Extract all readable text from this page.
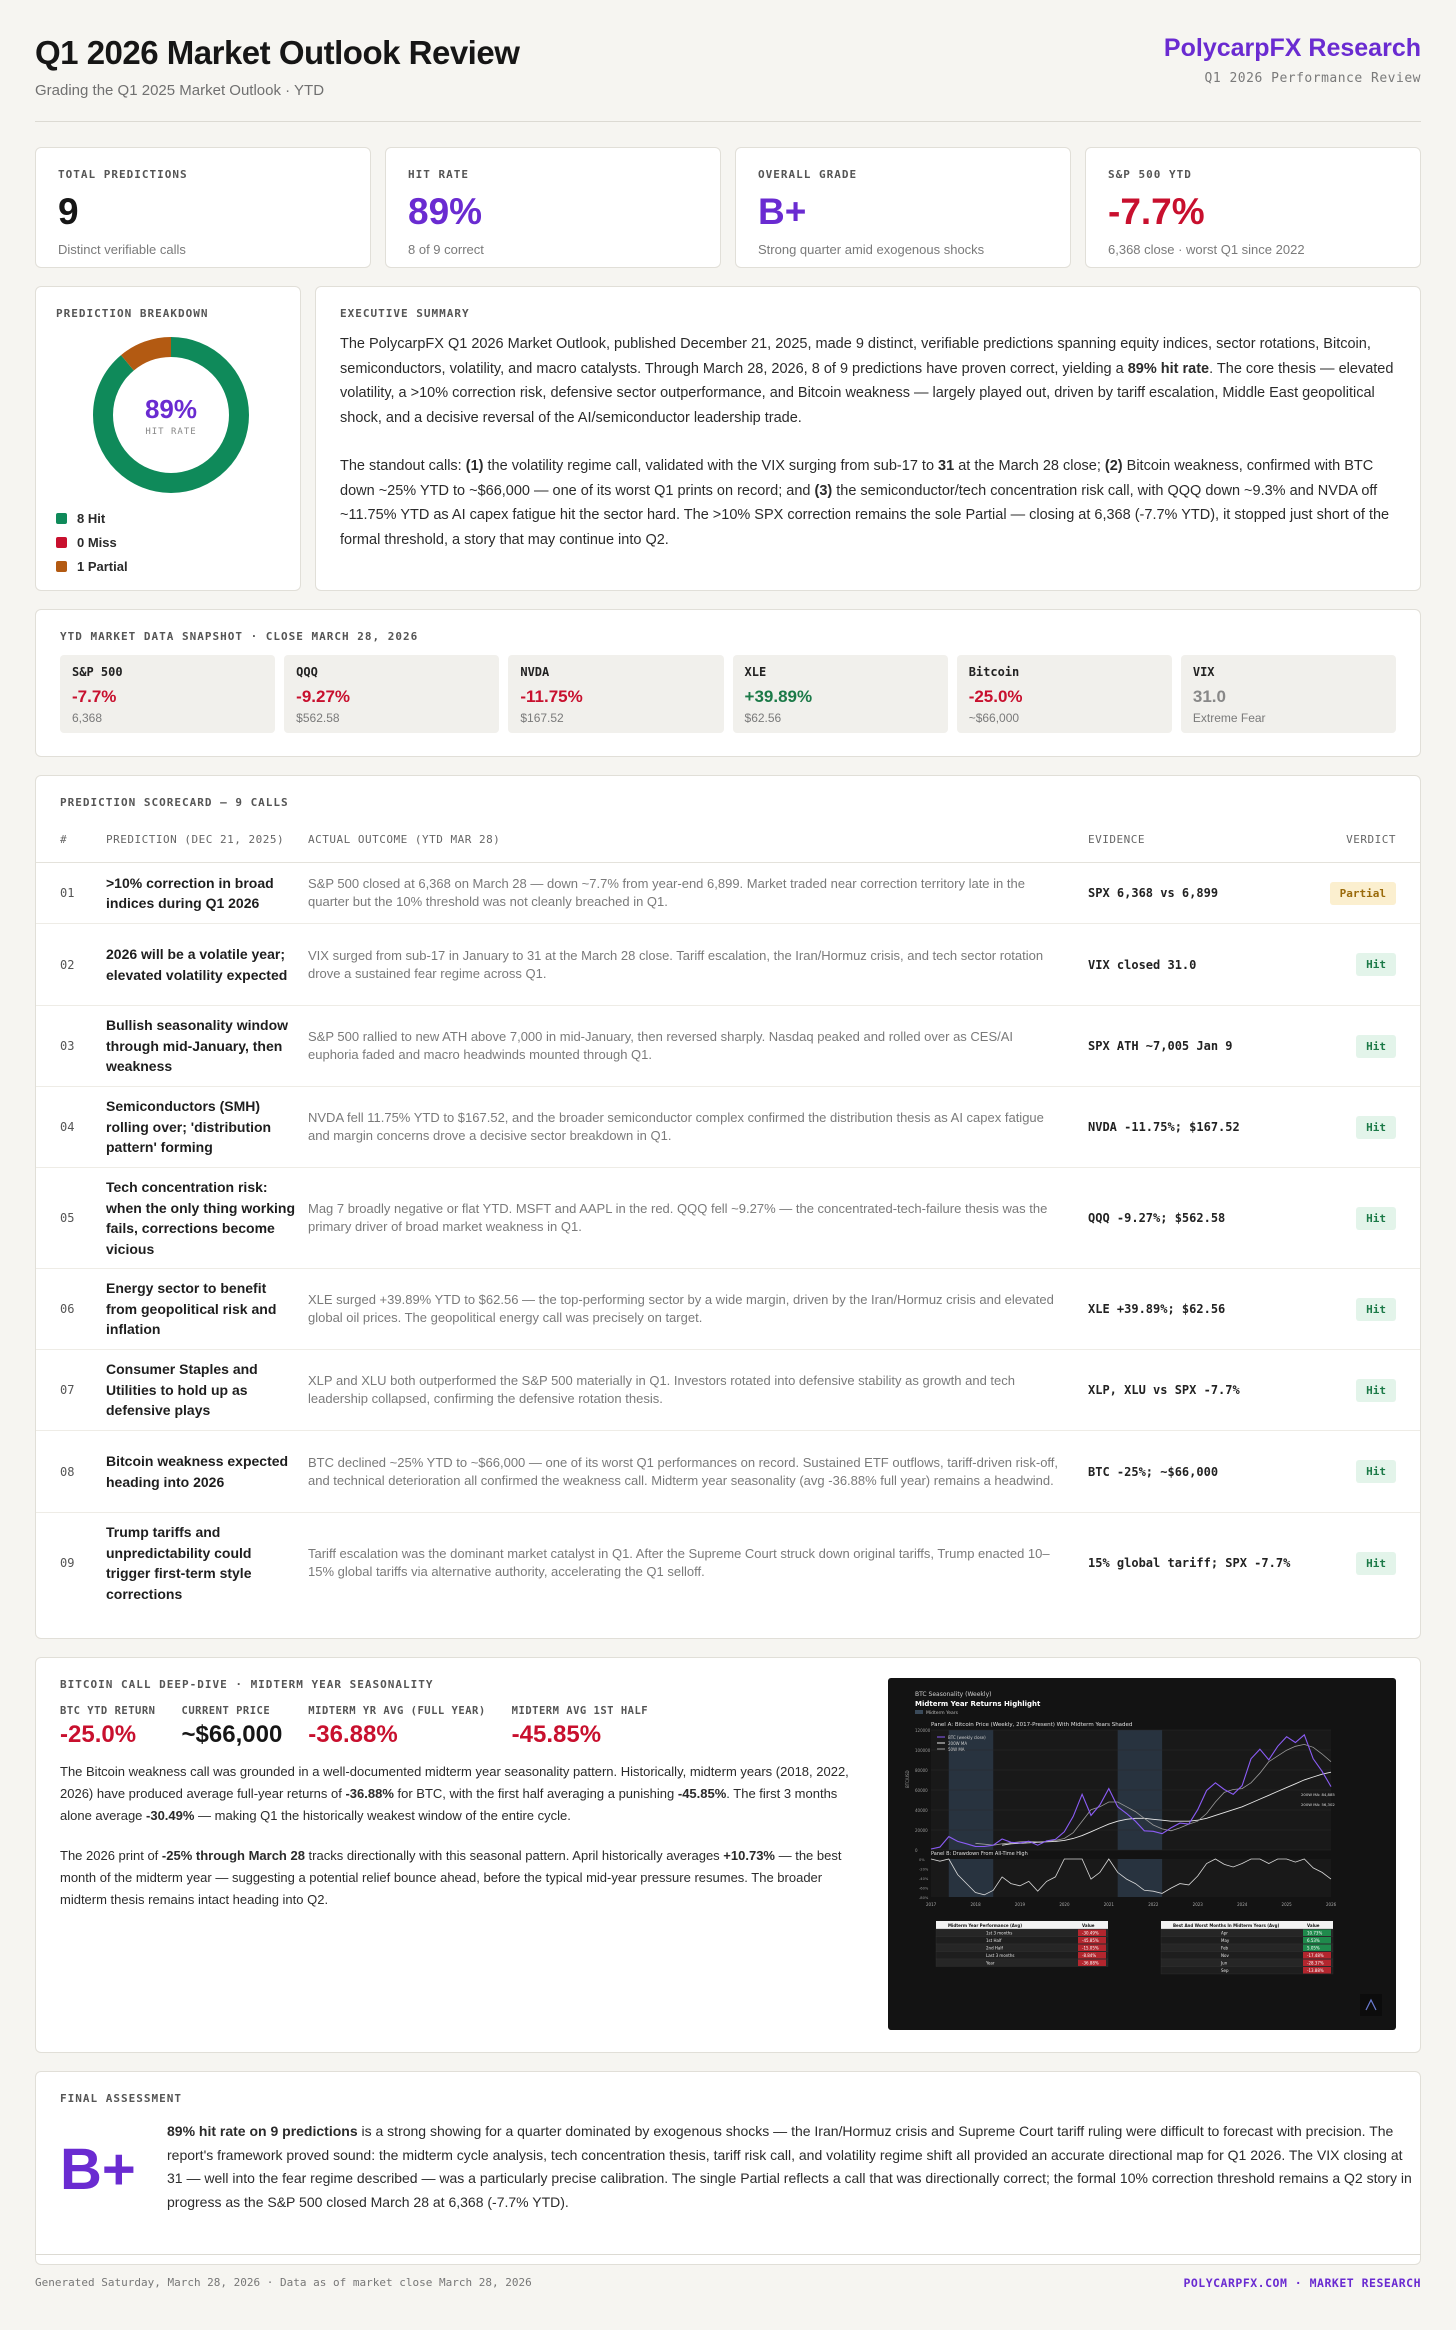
Q1 2026 Market Outlook Review
Grading the Q1 2025 Market Outlook · YTD
PolycarpFX Research
Q1 2026 Performance Review
TOTAL PREDICTIONS
9
Distinct verifiable calls
HIT RATE
89%
8 of 9 correct
OVERALL GRADE
B+
Strong quarter amid exogenous shocks
S&P 500 YTD
-7.7%
6,368 close · worst Q1 since 2022
PREDICTION BREAKDOWN
89%
HIT RATE
8 Hit
0 Miss
1 Partial
EXECUTIVE SUMMARY

The PolycarpFX Q1 2026 Market Outlook, published December 21, 2025, made 9 distinct, verifiable predictions spanning equity indices, sector rotations, Bitcoin, semiconductors, volatility, and macro catalysts. Through March 28, 2026, 8 of 9 predictions have proven correct, yielding a 89% hit rate. The core thesis — elevated volatility, a >10% correction risk, defensive sector outperformance, and Bitcoin weakness — largely played out, driven by tariff escalation, Middle East geopolitical shock, and a decisive reversal of the AI/semiconductor leadership trade.

The standout calls: (1) the volatility regime call, validated with the VIX surging from sub-17 to 31 at the March 28 close; (2) Bitcoin weakness, confirmed with BTC down ~25% YTD to ~$66,000 — one of its worst Q1 prints on record; and (3) the semiconductor/tech concentration risk call, with QQQ down ~9.3% and NVDA off ~11.75% YTD as AI capex fatigue hit the sector hard. The >10% SPX correction remains the sole Partial — closing at 6,368 (-7.7% YTD), it stopped just short of the formal threshold, a story that may continue into Q2.

YTD MARKET DATA SNAPSHOT · CLOSE MARCH 28, 2026
S&P 500
-7.7%
6,368
QQQ
-9.27%
$562.58
NVDA
-11.75%
$167.52
XLE
+39.89%
$62.56
Bitcoin
-25.0%
~$66,000
VIX
31.0
Extreme Fear
PREDICTION SCORECARD — 9 CALLS
#	PREDICTION (DEC 21, 2025)	ACTUAL OUTCOME (YTD MAR 28)	EVIDENCE	VERDICT
01
>10% correction in broad indices during Q1 2026
S&P 500 closed at 6,368 on March 28 — down ~7.7% from year-end 6,899. Market traded near correction territory late in the quarter but the 10% threshold was not cleanly breached in Q1.
SPX 6,368 vs 6,899	Partial
02
2026 will be a volatile year; elevated volatility expected
VIX surged from sub-17 in January to 31 at the March 28 close. Tariff escalation, the Iran/Hormuz crisis, and tech sector rotation drove a sustained fear regime across Q1.
VIX closed 31.0	Hit
03
Bullish seasonality window through mid-January, then weakness
S&P 500 rallied to new ATH above 7,000 in mid-January, then reversed sharply. Nasdaq peaked and rolled over as CES/AI euphoria faded and macro headwinds mounted through Q1.
SPX ATH ~7,005 Jan 9	Hit
04
Semiconductors (SMH) rolling over; 'distribution pattern' forming
NVDA fell 11.75% YTD to $167.52, and the broader semiconductor complex confirmed the distribution thesis as AI capex fatigue and margin concerns drove a decisive sector breakdown in Q1.
NVDA -11.75%; $167.52	Hit
05
Tech concentration risk: when the only thing working fails, corrections become vicious
Mag 7 broadly negative or flat YTD. MSFT and AAPL in the red. QQQ fell ~9.27% — the concentrated-tech-failure thesis was the primary driver of broad market weakness in Q1.
QQQ -9.27%; $562.58	Hit
06
Energy sector to benefit from geopolitical risk and inflation
XLE surged +39.89% YTD to $62.56 — the top-performing sector by a wide margin, driven by the Iran/Hormuz crisis and elevated global oil prices. The geopolitical energy call was precisely on target.
XLE +39.89%; $62.56	Hit
07
Consumer Staples and Utilities to hold up as defensive plays
XLP and XLU both outperformed the S&P 500 materially in Q1. Investors rotated into defensive stability as growth and tech leadership collapsed, confirming the defensive rotation thesis.
XLP, XLU vs SPX -7.7%	Hit
08
Bitcoin weakness expected heading into 2026
BTC declined ~25% YTD to ~$66,000 — one of its worst Q1 performances on record. Sustained ETF outflows, tariff-driven risk-off, and technical deterioration all confirmed the weakness call. Midterm year seasonality (avg -36.88% full year) remains a headwind.
BTC -25%; ~$66,000	Hit
09
Trump tariffs and unpredictability could trigger first-term style corrections
Tariff escalation was the dominant market catalyst in Q1. After the Supreme Court struck down original tariffs, Trump enacted 10–15% global tariffs via alternative authority, accelerating the Q1 selloff.
15% global tariff; SPX -7.7%	Hit
BITCOIN CALL DEEP-DIVE · MIDTERM YEAR SEASONALITY
BTC YTD RETURN
-25.0%
CURRENT PRICE
~$66,000
MIDTERM YR AVG (FULL YEAR)
-36.88%
MIDTERM AVG 1ST HALF
-45.85%

The Bitcoin weakness call was grounded in a well-documented midterm year seasonality pattern. Historically, midterm years (2018, 2022, 2026) have produced average full-year returns of -36.88% for BTC, with the first half averaging a punishing -45.85%. The first 3 months alone average -30.49% — making Q1 the historically weakest window of the entire cycle.

The 2026 print of -25% through March 28 tracks directionally with this seasonal pattern. April historically averages +10.73% — the best month of the midterm year — suggesting a potential relief bounce ahead, before the typical mid-year pressure resumes. The broader midterm thesis remains intact heading into Q2.

BTC Seasonality (Weekly)
Midterm Year Returns Highlight
Midterm Years
Panel A: Bitcoin Price (Weekly, 2017-Present) With Midterm Years Shaded
120000
100000
80000
60000
40000
20000
0
BTC (weekly close)
200W MA
50W MA
200W MA: 84,885
200W MA: 56,302
BTC/USD
Panel B: Drawdown From All-Time High
0%
-20%
-40%
-60%
-80%
2017	2018	2019	2020	2021	2022	2023	2024	2025	2026
Midterm Year Performance (Avg)	Value
1st 3 months	-30.49%
1st Half	-45.85%
2nd Half	-15.05%
Last 3 months	-8.84%
Year	-36.88%
Best And Worst Months In Midterm Years (Avg)	Value
Apr	10.73%
May	6.53%
Feb	5.05%
Nov	-17.48%
Jun	-28.37%
Sep	-13.88%
FINAL ASSESSMENT
B+
89% hit rate on 9 predictions is a strong showing for a quarter dominated by exogenous shocks — the Iran/Hormuz crisis and Supreme Court tariff ruling were difficult to forecast with precision. The report's framework proved sound: the midterm cycle analysis, tech concentration thesis, tariff risk call, and volatility regime shift all provided an accurate directional map for Q1 2026. The VIX closing at 31 — well into the fear regime described — was a particularly precise calibration. The single Partial reflects a call that was directionally correct; the formal 10% correction threshold remains a Q2 story in progress as the S&P 500 closed March 28 at 6,368 (-7.7% YTD).
Generated Saturday, March 28, 2026 · Data as of market close March 28, 2026	POLYCARPFX.COM · MARKET RESEARCH
